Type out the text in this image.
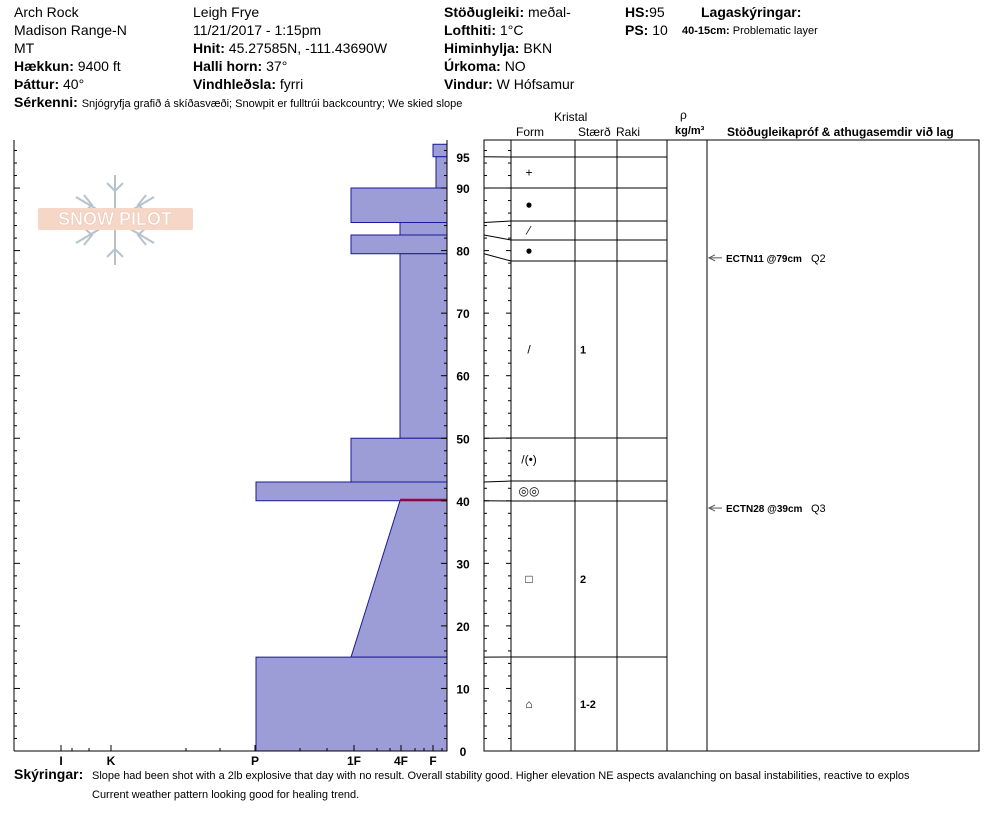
Arch Rock
Madison Range-N
MT
Hækkun: 9400 ft
Þáttur: 40°
Leigh Frye
11/21/2017 - 1:15pm
Hnit: 45.27585N, -111.43690W
Halli horn: 37°
Vindhleðsla: fyrri
Stöðugleiki: meðal-
Lofthiti: 1°C
Himinhylja: BKN
Úrkoma: NO
Vindur: W Hófsamur
HS:95
PS: 10
Lagaskýringar:
40-15cm: Problematic layer
Sérkenni: Snjógryfja grafið á skíðasvæði; Snowpit er fulltrúi backcountry; We skied slope
Kristal
Form	Stærð Raki
ρ
kg/m³ Stöðugleikapróf & athugasemdir við lag
SNOW PILOT
I	K	P	1F	4F F
0
10
20
30
40
50
60
70
80
90
95
+
●
⁄
●
/	1
/(•)
◎◎
□	2
⌂	1-2
ECTN11 @79cm Q2
ECTN28 @39cm Q3
Skýringar: Slope had been shot with a 2lb explosive that day with no result. Overall stability good. Higher elevation NE aspects avalanching on basal instabilities, reactive to explos
Current weather pattern looking good for healing trend.
